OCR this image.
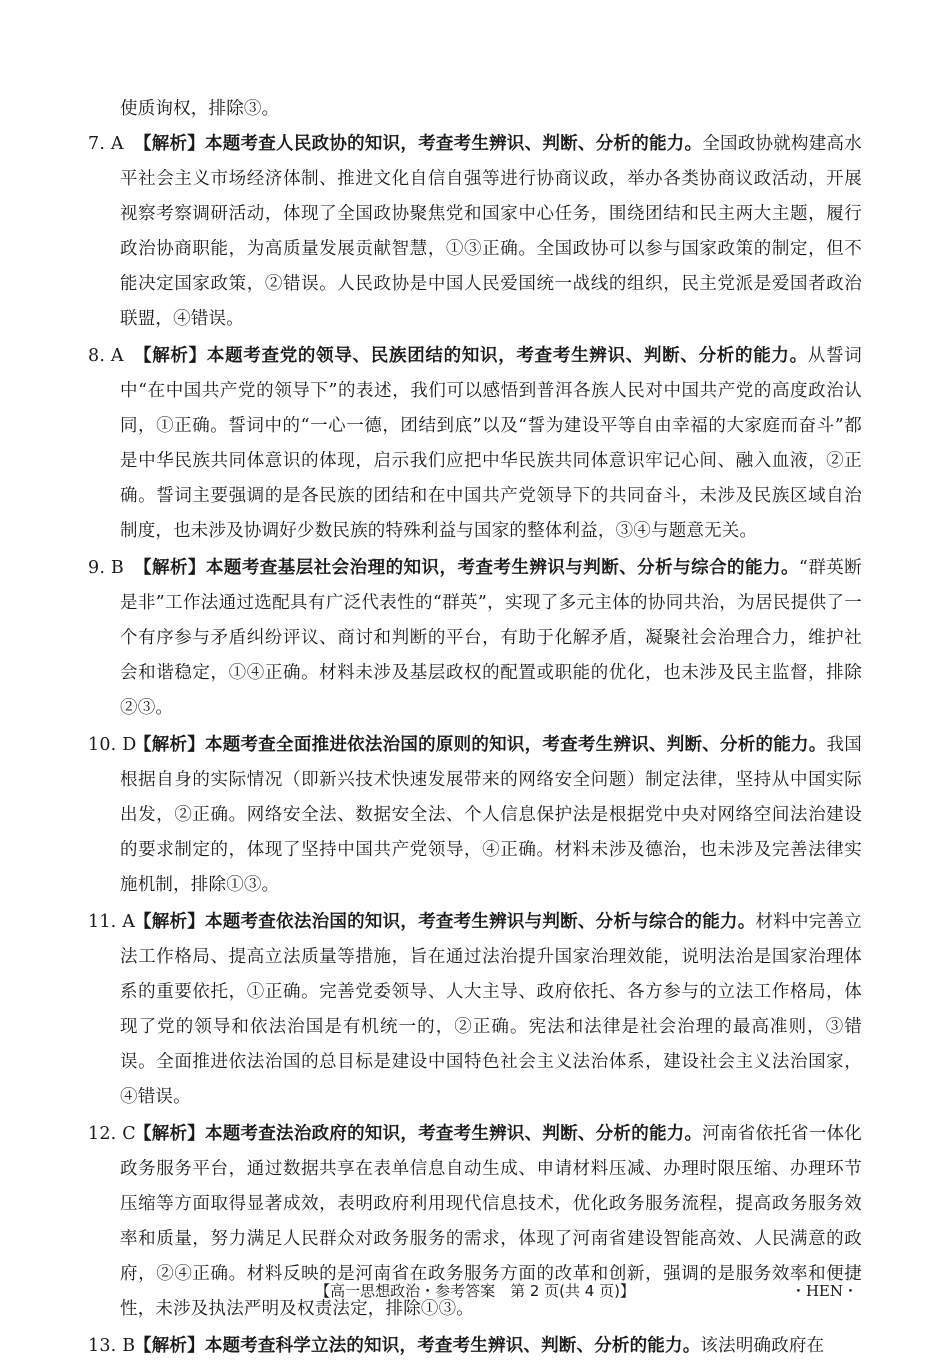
使质询权，排除③。
7. A 【解析】本题考查人民政协的知识，考查考生辨识、判断、分析的能力。全国政协就构建高水平社会主义市场经济体制、推进文化自信自强等进行协商议政，举办各类协商议政活动，开展视察考察调研活动，体现了全国政协聚焦党和国家中心任务，围绕团结和民主两大主题，履行政治协商职能，为高质量发展贡献智慧，①③正确。全国政协可以参与国家政策的制定，但不能决定国家政策，②错误。人民政协是中国人民爱国统一战线的组织，民主党派是爱国者政治联盟，④错误。
8. A 【解析】本题考查党的领导、民族团结的知识，考查考生辨识、判断、分析的能力。从誓词中“在中国共产党的领导下”的表述，我们可以感悟到普洱各族人民对中国共产党的高度政治认同，①正确。誓词中的“一心一德，团结到底”以及“誓为建设平等自由幸福的大家庭而奋斗”都是中华民族共同体意识的体现，启示我们应把中华民族共同体意识牢记心间、融入血液，②正确。誓词主要强调的是各民族的团结和在中国共产党领导下的共同奋斗，未涉及民族区域自治制度，也未涉及协调好少数民族的特殊利益与国家的整体利益，③④与题意无关。
9. B 【解析】本题考查基层社会治理的知识，考查考生辨识与判断、分析与综合的能力。“群英断是非”工作法通过选配具有广泛代表性的“群英”，实现了多元主体的协同共治，为居民提供了一个有序参与矛盾纠纷评议、商讨和判断的平台，有助于化解矛盾，凝聚社会治理合力，维护社会和谐稳定，①④正确。材料未涉及基层政权的配置或职能的优化，也未涉及民主监督，排除②③。
10. D
【解析】本题考查全面推进依法治国的原则的知识，考查考生辨识、判断、分析的能力。我国根据自身的实际情况（即新兴技术快速发展带来的网络安全问题）制定法律，坚持从中国实际出发，②正确。网络安全法、数据安全法、个人信息保护法是根据党中央对网络空间法治建设的要求制定的，体现了坚持中国共产党领导，④正确。材料未涉及德治，也未涉及完善法律实施机制，排除①③。
11. A
【解析】本题考查依法治国的知识，考查考生辨识与判断、分析与综合的能力。材料中完善立法工作格局、提高立法质量等措施，旨在通过法治提升国家治理效能，说明法治是国家治理体系的重要依托，①正确。完善党委领导、人大主导、政府依托、各方参与的立法工作格局，体现了党的领导和依法治国是有机统一的，②正确。宪法和法律是社会治理的最高准则，③错误。全面推进依法治国的总目标是建设中国特色社会主义法治体系，建设社会主义法治国家，④错误。
12. C
【解析】本题考查法治政府的知识，考查考生辨识、判断、分析的能力。河南省依托省一体化政务服务平台，通过数据共享在表单信息自动生成、申请材料压减、办理时限压缩、办理环节压缩等方面取得显著成效，表明政府利用现代信息技术，优化政务服务流程，提高政务服务效率和质量，努力满足人民群众对政务服务的需求，体现了河南省建设智能高效、人民满意的政府，②④正确。材料反映的是河南省在政务服务方面的改革和创新，强调的是服务效率和便捷性，未涉及执法严明及权责法定，排除①③。
13. B
【解析】本题考查科学立法的知识，考查考生辨识、判断、分析的能力。该法明确政府在
【高一思想政治・参考答案　第 2 页(共 4 页)】	・HEN・
